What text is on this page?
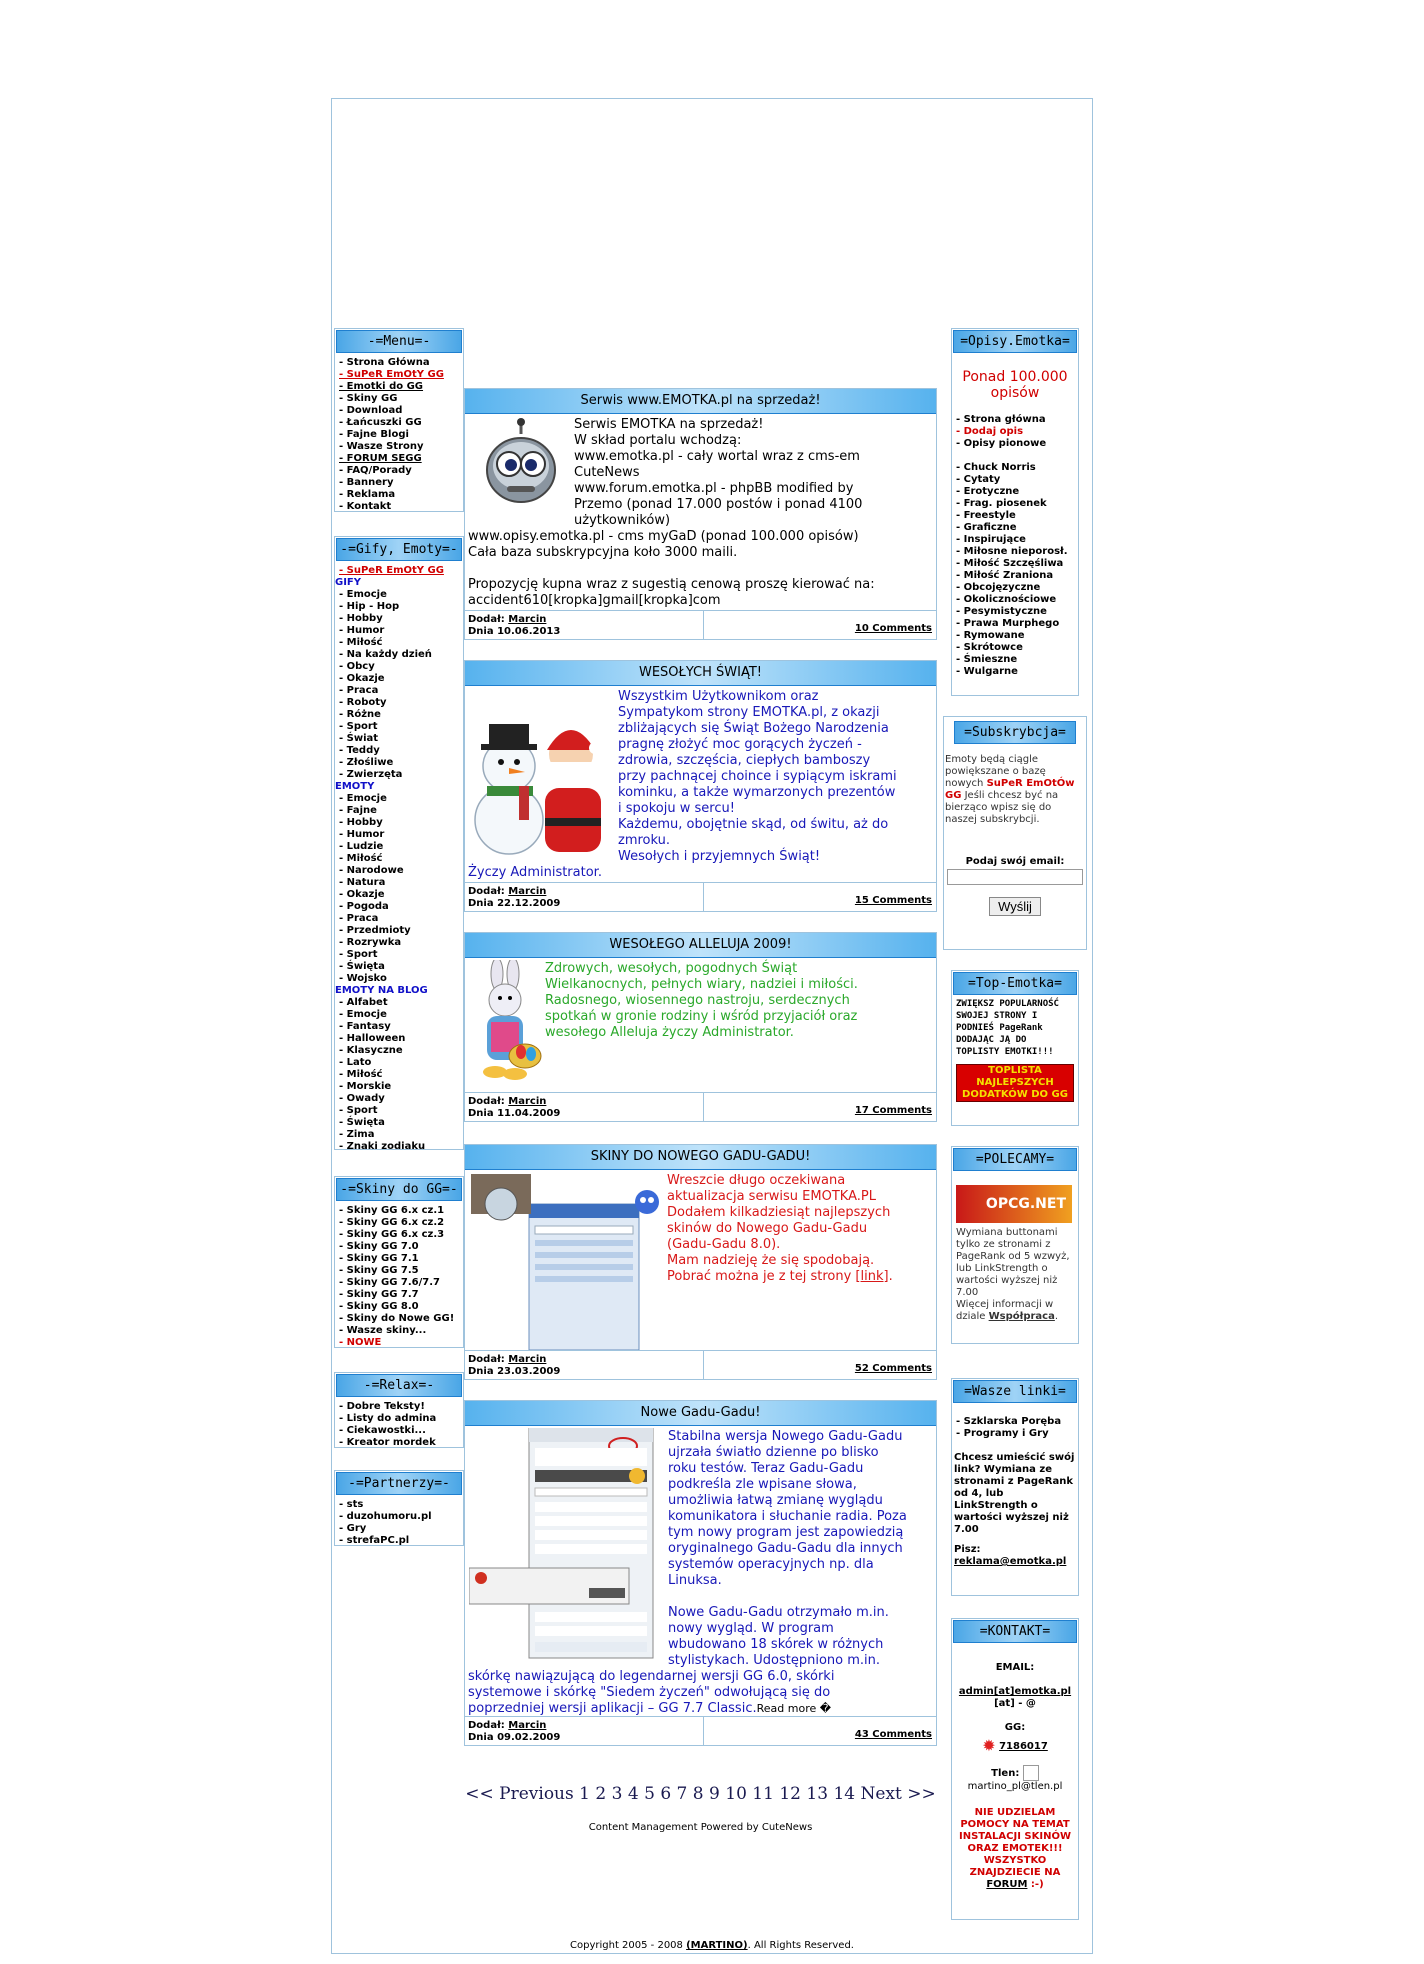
-=Menu=-
- Strona Główna
- SuPeR EmOtY GG
- Emotki do GG
- Skiny GG
- Download
- Łańcuszki GG
- Fajne Blogi
- Wasze Strony
- FORUM SEGG
- FAQ/Porady
- Bannery
- Reklama
- Kontakt
-=Gify, Emoty=-
- SuPeR EmOtY GG
GIFY
- Emocje
- Hip - Hop
- Hobby
- Humor
- Miłość
- Na każdy dzień
- Obcy
- Okazje
- Praca
- Roboty
- Różne
- Sport
- Świat
- Teddy
- Złośliwe
- Zwierzęta
EMOTY
- Emocje
- Fajne
- Hobby
- Humor
- Ludzie
- Miłość
- Narodowe
- Natura
- Okazje
- Pogoda
- Praca
- Przedmioty
- Rozrywka
- Sport
- Święta
- Wojsko
EMOTY NA BLOG
- Alfabet
- Emocje
- Fantasy
- Halloween
- Klasyczne
- Lato
- Miłość
- Morskie
- Owady
- Sport
- Święta
- Zima
- Znaki zodiaku
-=Skiny do GG=-
- Skiny GG 6.x cz.1
- Skiny GG 6.x cz.2
- Skiny GG 6.x cz.3
- Skiny GG 7.0
- Skiny GG 7.1
- Skiny GG 7.5
- Skiny GG 7.6/7.7
- Skiny GG 7.7
- Skiny GG 8.0
- Skiny do Nowe GG!
- Wasze skiny...
- NOWE
-=Relax=-
- Dobre Teksty!
- Listy do admina
- Ciekawostki...
- Kreator mordek
-=Partnerzy=-
- sts
- duzohumoru.pl
- Gry
- strefaPC.pl
Serwis www.EMOTKA.pl na sprzedaż!
Serwis EMOTKA na sprzedaż!
W skład portalu wchodzą:
www.emotka.pl - cały wortal wraz z cms-em
CuteNews
www.forum.emotka.pl - phpBB modified by
Przemo (ponad 17.000 postów i ponad 4100
użytkowników)
www.opisy.emotka.pl - cms myGaD (ponad 100.000 opisów)
Cała baza subskrypcyjna koło 3000 maili.

Propozycję kupna wraz z sugestią cenową proszę kierować na:
accident610[kropka]gmail[kropka]com
Dodał: Marcin
Dnia 10.06.2013	10 Comments
WESOŁYCH ŚWIĄT!
Wszystkim Użytkownikom oraz
Sympatykom strony EMOTKA.pl, z okazji
zbliżających się Świąt Bożego Narodzenia
pragnę złożyć moc gorących życzeń -
zdrowia, szczęścia, ciepłych bamboszy
przy pachnącej choince i sypiącym iskrami
kominku, a także wymarzonych prezentów
i spokoju w sercu!
Każdemu, obojętnie skąd, od świtu, aż do
zmroku.
Wesołych i przyjemnych Świąt!
Życzy Administrator.
Dodał: Marcin
Dnia 22.12.2009	15 Comments
WESOŁEGO ALLELUJA 2009!
Zdrowych, wesołych, pogodnych Świąt
Wielkanocnych, pełnych wiary, nadziei i miłości.
Radosnego, wiosennego nastroju, serdecznych
spotkań w gronie rodziny i wśród przyjaciół oraz
wesołego Alleluja życzy Administrator.
Dodał: Marcin
Dnia 11.04.2009	17 Comments
SKINY DO NOWEGO GADU-GADU!
Wreszcie długo oczekiwana
aktualizacja serwisu EMOTKA.PL
Dodałem kilkadziesiąt najlepszych
skinów do Nowego Gadu-Gadu
(Gadu-Gadu 8.0).
Mam nadzieję że się spodobają.
Pobrać można je z tej strony [link].
Dodał: Marcin
Dnia 23.03.2009	52 Comments
Nowe Gadu-Gadu!
Stabilna wersja Nowego Gadu-Gadu
ujrzała światło dzienne po blisko
roku testów. Teraz Gadu-Gadu
podkreśla zle wpisane słowa,
umożliwia łatwą zmianę wyglądu
komunikatora i słuchanie radia. Poza
tym nowy program jest zapowiedzią
oryginalnego Gadu-Gadu dla innych
systemów operacyjnych np. dla
Linuksa.

Nowe Gadu-Gadu otrzymało m.in.
nowy wygląd. W program
wbudowano 18 skórek w różnych
stylistykach. Udostępniono m.in.
skórkę nawiązującą do legendarnej wersji GG 6.0, skórki
systemowe i skórkę "Siedem życzeń" odwołującą się do
poprzedniej wersji aplikacji – GG 7.7 Classic.Read more �
Dodał: Marcin
Dnia 09.02.2009	43 Comments
<< Previous 1 2 3 4 5 6 7 8 9 10 11 12 13 14 Next >>
Content Management Powered by CuteNews
Copyright 2005 - 2008 (MARTINO). All Rights Reserved.
=Opisy.Emotka=
Ponad 100.000 opisów
- Strona główna
- Dodaj opis
- Opisy pionowe

- Chuck Norris
- Cytaty
- Erotyczne
- Frag. piosenek
- Freestyle
- Graficzne
- Inspirujące
- Miłosne nieporosł.
- Miłość Szczęśliwa
- Miłość Zraniona
- Obcojęzyczne
- Okolicznościowe
- Pesymistyczne
- Prawa Murphego
- Rymowane
- Skrótowce
- Śmieszne
- Wulgarne
=Subskrybcja=
Emoty będą ciągle powiększane o bazę nowych SuPeR EmOtÓw GG Jeśli chcesz być na bierząco wpisz się do naszej subskrybcji.
Podaj swój email:
Wyślij
=Top-Emotka=
ZWIĘKSZ POPULARNOŚĆ SWOJEJ STRONY I PODNIEŚ PageRank DODAJĄC JĄ DO TOPLISTY EMOTKI!!!
TOPLISTA NAJLEPSZYCH DODATKÓW DO GG
=POLECAMY=
OPCG.NET
Wymiana buttonami tylko ze stronami z PageRank od 5 wzwyż, lub LinkStrength o wartości wyższej niż 7.00
Więcej informacji w dziale Współpraca.
=Wasze linki=
- Szklarska Poręba
- Programy i Gry
Chcesz umieścić swój link? Wymiana ze stronami z PageRank od 4, lub LinkStrength o wartości wyższej niż 7.00
Pisz:
reklama@emotka.pl
=KONTAKT=
EMAIL:
admin[at]emotka.pl
[at] - @
GG:
✹ 7186017
Tlen:
martino_pl@tlen.pl
NIE UDZIELAM POMOCY NA TEMAT INSTALACJI SKINÓW ORAZ EMOTEK!!! WSZYSTKO ZNAJDZIECIE NA FORUM :-)
